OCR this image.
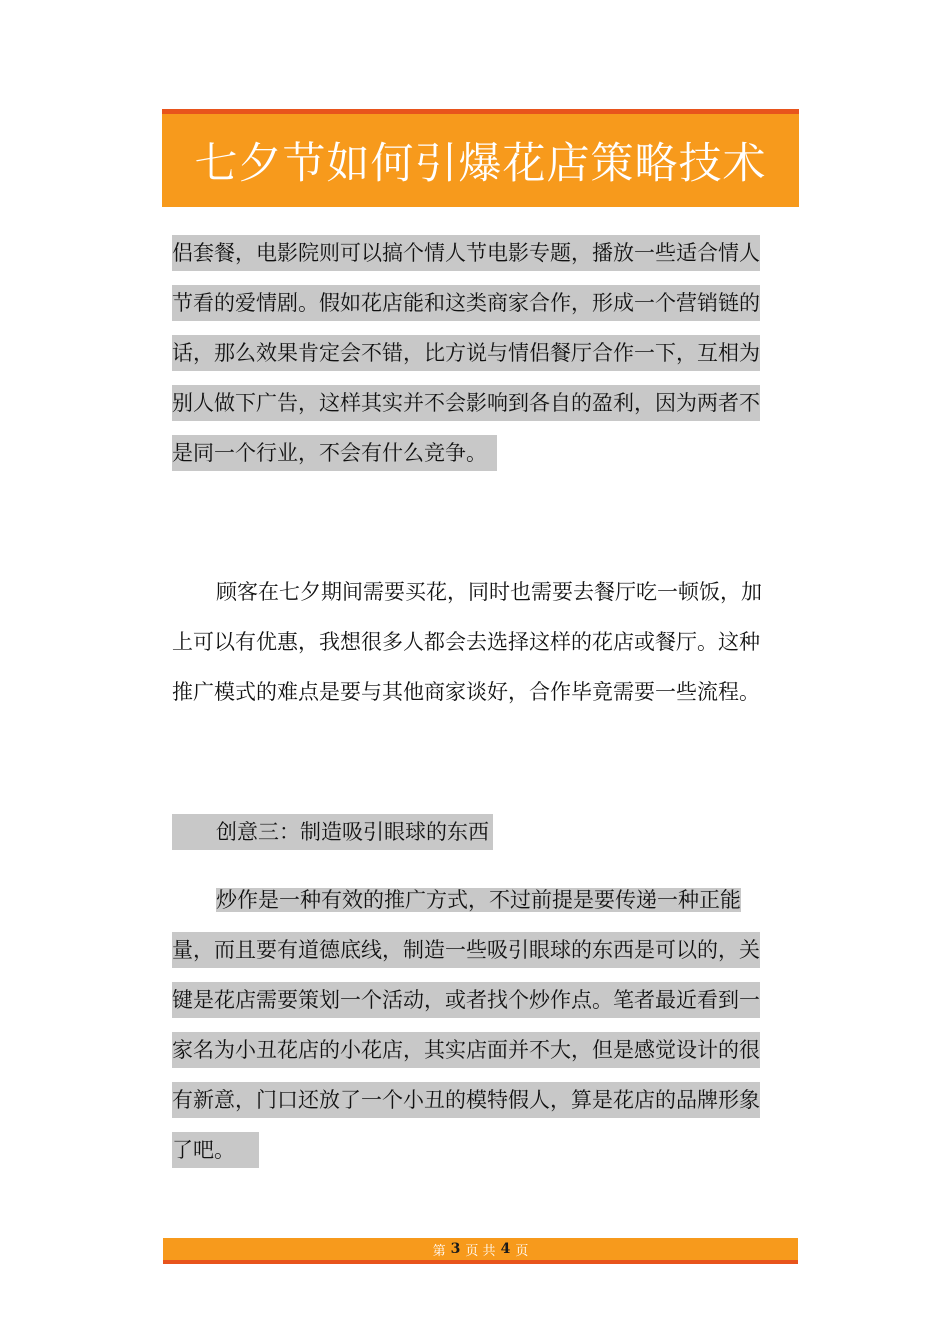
七夕节如何引爆花店策略技术
侣套餐，电影院则可以搞个情人节电影专题，播放一些适合情人
节看的爱情剧。假如花店能和这类商家合作，形成一个营销链的
话，那么效果肯定会不错，比方说与情侣餐厅合作一下，互相为
别人做下广告，这样其实并不会影响到各自的盈利，因为两者不
是同一个行业，不会有什么竞争。
顾客在七夕期间需要买花，同时也需要去餐厅吃一顿饭，加
上可以有优惠，我想很多人都会去选择这样的花店或餐厅。这种
推广模式的难点是要与其他商家谈好，合作毕竟需要一些流程。
创意三：制造吸引眼球的东西
炒作是一种有效的推广方式，不过前提是要传递一种正能
量，而且要有道德底线，制造一些吸引眼球的东西是可以的，关
键是花店需要策划一个活动，或者找个炒作点。笔者最近看到一
家名为小丑花店的小花店，其实店面并不大，但是感觉设计的很
有新意，门口还放了一个小丑的模特假人，算是花店的品牌形象
了吧。
第 3 页 共 4 页
